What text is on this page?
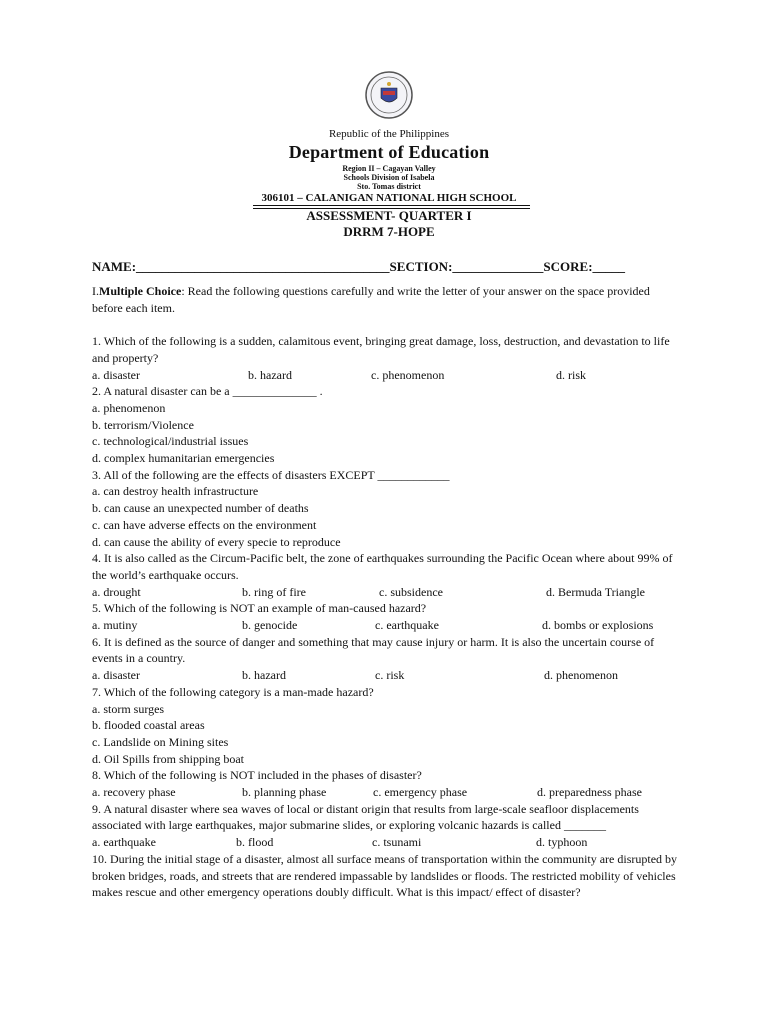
Republic of the Philippines
Department of Education
Region II – Cagayan Valley
Schools Division of Isabela
Sto. Tomas district
306101 – CALANIGAN NATIONAL HIGH SCHOOL
ASSESSMENT- QUARTER I
DRRM 7-HOPE
NAME:_______________________________________SECTION:______________SCORE:_____

I.Multiple Choice: Read the following questions carefully and write the letter of your answer on the space provided before each item.

1. Which of the following is a sudden, calamitous event, bringing great damage, loss, destruction, and devastation to life and property?

a. disaster	b. hazard	c. phenomenon	d. risk

2. A natural disaster can be a ______________ .

a. phenomenon

b. terrorism/Violence

c. technological/industrial issues

d. complex humanitarian emergencies

3. All of the following are the effects of disasters EXCEPT ____________

a. can destroy health infrastructure

b. can cause an unexpected number of deaths

c. can have adverse effects on the environment

d. can cause the ability of every specie to reproduce

4. It is also called as the Circum-Pacific belt, the zone of earthquakes surrounding the Pacific Ocean where about 99% of the world’s earthquake occurs.

a. drought	b. ring of fire	c. subsidence	d. Bermuda Triangle

5. Which of the following is NOT an example of man-caused hazard?

a. mutiny	b. genocide	c. earthquake	d. bombs or explosions

6. It is defined as the source of danger and something that may cause injury or harm. It is also the uncertain course of events in a country.

a. disaster	b. hazard	c. risk	d. phenomenon

7. Which of the following category is a man-made hazard?

a. storm surges

b. flooded coastal areas

c. Landslide on Mining sites

d. Oil Spills from shipping boat

8. Which of the following is NOT included in the phases of disaster?

a. recovery phase	b. planning phase	c. emergency phase	d. preparedness phase

9. A natural disaster where sea waves of local or distant origin that results from large-scale seafloor displacements associated with large earthquakes, major submarine slides, or exploring volcanic hazards is called _______

a. earthquake	b. flood	c. tsunami	d. typhoon

10. During the initial stage of a disaster, almost all surface means of transportation within the community are disrupted by broken bridges, roads, and streets that are rendered impassable by landslides or floods. The restricted mobility of vehicles makes rescue and other emergency operations doubly difficult. What is this impact/ effect of disaster?
